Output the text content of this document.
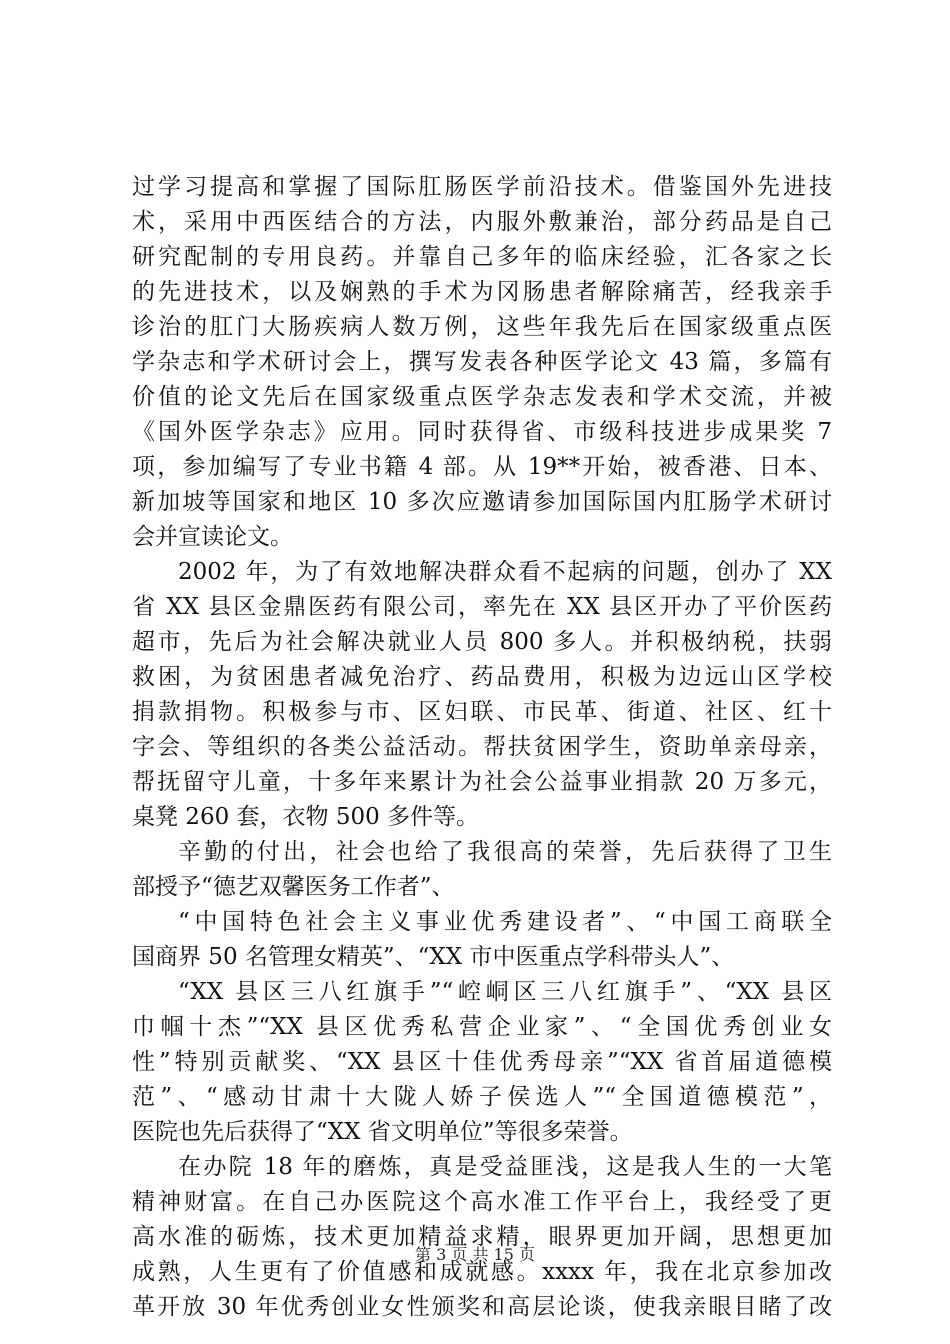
过学习提高和掌握了国际肛肠医学前沿技术。借鉴国外先进技
术，采用中西医结合的方法，内服外敷兼治，部分药品是自己
研究配制的专用良药。并靠自己多年的临床经验，汇各家之长
的先进技术，以及娴熟的手术为冈肠患者解除痛苦，经我亲手
诊治的肛门大肠疾病人数万例，这些年我先后在国家级重点医
学杂志和学术研讨会上，撰写发表各种医学论文 43 篇，多篇有
价值的论文先后在国家级重点医学杂志发表和学术交流，并被
《国外医学杂志》应用。同时获得省、市级科技进步成果奖 7
项，参加编写了专业书籍 4 部。从 19**开始，被香港、日本、
新加坡等国家和地区 10 多次应邀请参加国际国内肛肠学术研讨
会并宣读论文。
2002 年，为了有效地解决群众看不起病的问题，创办了 XX
省 XX 县区金鼎医药有限公司，率先在 XX 县区开办了平价医药
超市，先后为社会解决就业人员 800 多人。并积极纳税，扶弱
救困，为贫困患者减免治疗、药品费用，积极为边远山区学校
捐款捐物。积极参与市、区妇联、市民革、街道、社区、红十
字会、等组织的各类公益活动。帮扶贫困学生，资助单亲母亲，
帮抚留守儿童，十多年来累计为社会公益事业捐款 20 万多元，
桌凳 260 套，衣物 500 多件等。
辛勤的付出，社会也给了我很高的荣誉，先后获得了卫生
部授予“德艺双馨医务工作者”、
“中国特色社会主义事业优秀建设者”、“中国工商联全
国商界 50 名管理女精英”、“XX 市中医重点学科带头人”、
“XX 县区三八红旗手”“崆峒区三八红旗手”、“XX 县区
巾帼十杰”“XX 县区优秀私营企业家”、“全国优秀创业女
性”特别贡献奖、“XX 县区十佳优秀母亲”“XX 省首届道德模
范”、“感动甘肃十大陇人娇子侯选人”“全国道德模范”，
医院也先后获得了“XX 省文明单位”等很多荣誉。
在办院 18 年的磨炼，真是受益匪浅，这是我人生的一大笔
精神财富。在自己办医院这个高水准工作平台上，我经受了更
高水准的砺炼，技术更加精益求精，眼界更加开阔，思想更加
成熟，人生更有了价值感和成就感。xxxx 年，我在北京参加改
革开放 30 年优秀创业女性颁奖和高层论谈，使我亲眼目睹了改
第 3 页 共 15 页
